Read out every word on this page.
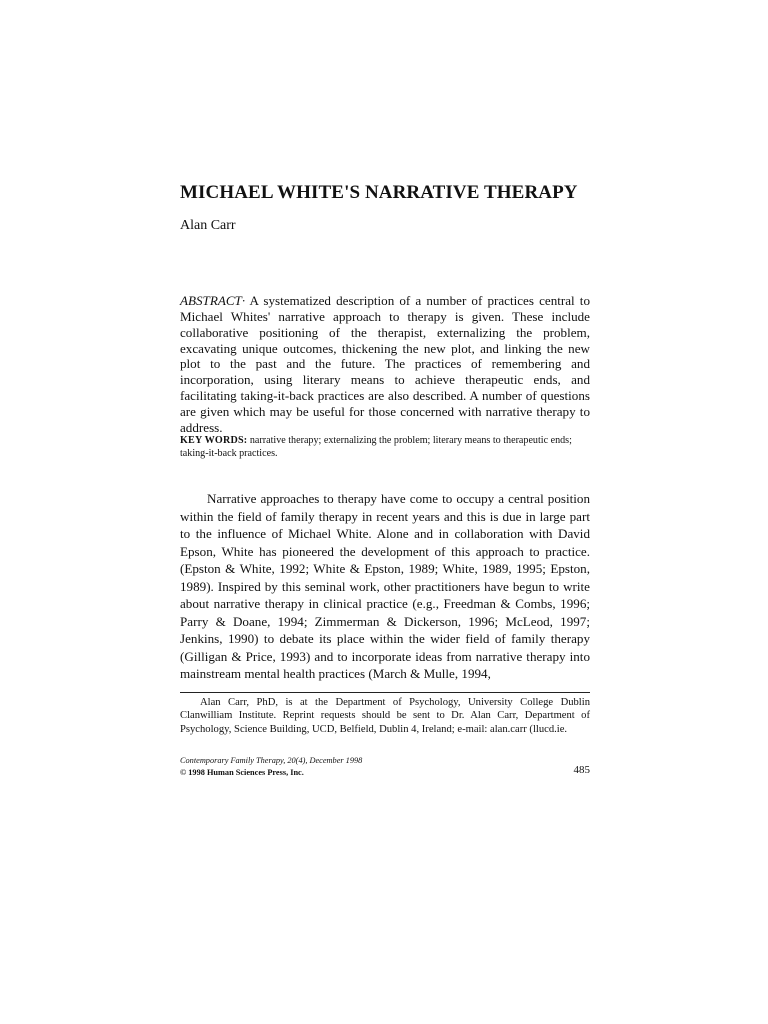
MICHAEL WHITE'S NARRATIVE THERAPY
Alan Carr

ABSTRACT· A systematized description of a number of practices central to Michael Whites' narrative approach to therapy is given. These include collaborative positioning of the therapist, externalizing the problem, excavating unique outcomes, thickening the new plot, and linking the new plot to the past and the future. The practices of remembering and incorporation, using literary means to achieve therapeutic ends, and facilitating taking-it-back practices are also described. A number of questions are given which may be useful for those concerned with narrative therapy to address.

KEY WORDS: narrative therapy; externalizing the problem; literary means to therapeutic ends; taking-it-back practices.

Narrative approaches to therapy have come to occupy a central position within the field of family therapy in recent years and this is due in large part to the influence of Michael White. Alone and in collaboration with David Epson, White has pioneered the development of this approach to practice. (Epston & White, 1992; White & Epston, 1989; White, 1989, 1995; Epston, 1989). Inspired by this seminal work, other practitioners have begun to write about narrative therapy in clinical practice (e.g., Freedman & Combs, 1996; Parry & Doane, 1994; Zimmerman & Dickerson, 1996; McLeod, 1997; Jenkins, 1990) to debate its place within the wider field of family therapy (Gilligan & Price, 1993) and to incorporate ideas from narrative therapy into mainstream mental health practices (March & Mulle, 1994,

Alan Carr, PhD, is at the Department of Psychology, University College Dublin Clanwilliam Institute. Reprint requests should be sent to Dr. Alan Carr, Department of Psychology, Science Building, UCD, Belfield, Dublin 4, Ireland; e-mail: alan.carr (llucd.ie.

Contemporary Family Therapy, 20(4), December 1998
© 1998 Human Sciences Press, Inc.	485
